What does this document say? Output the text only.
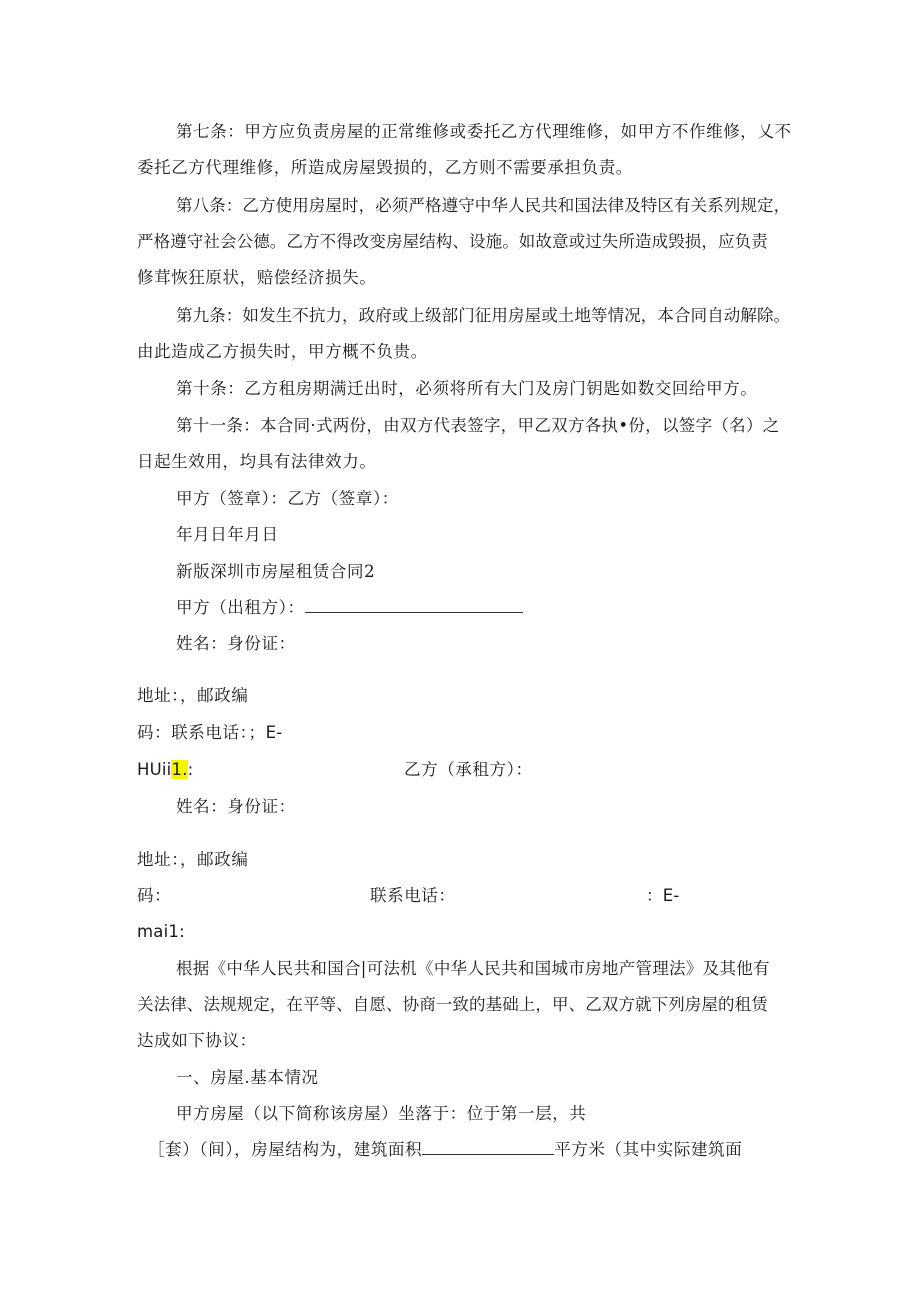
第七条：甲方应负责房屋的正常维修或委托乙方代理维修，如甲方不作维修，乂不
委托乙方代理维修，所造成房屋毁损的，乙方则不需要承担负责。
第八条：乙方使用房屋时，必须严格遵守中华人民共和国法律及特区有关系列规定，
严格遵守社会公德。乙方不得改变房屋结构、设施。如故意或过失所造成毁损，应负责
修茸恢狂原状，赔偿经济损失。
第九条：如发生不抗力，政府或上级部门征用房屋或土地等情况，本合同自动解除。
由此造成乙方损失时，甲方概不负贵。
第十条：乙方租房期满迁出时，必须将所有大门及房门钥匙如数交回给甲方。
第十一条：本合同·式两份，由双方代表签字，甲乙双方各执•份，以签字（名）之
日起生效用，均具有法律效力。
甲方（签章）：乙方（签章）：
年月日年月日
新版深圳市房屋租赁合同2
甲方（出租方）：
姓名：身份证：
地址：，邮政编
码：联系电话：；E-
HUii1.:	乙方（承租方）：
姓名：身份证：
地址：，邮政编
码：	联系电话：	：E-
mai1:
根据《中华人民共和国合|可法机《中华人民共和国城市房地产管理法》及其他有
关法律、法规规定，在平等、自愿、协商一致的基础上，甲、乙双方就下列房屋的租赁
达成如下协议：
一、房屋.基本情况
甲方房屋（以下简称该房屋）坐落于：位于第一层，共
［套）（间），房屋结构为，建筑面积	平方米（其中实际建筑面
